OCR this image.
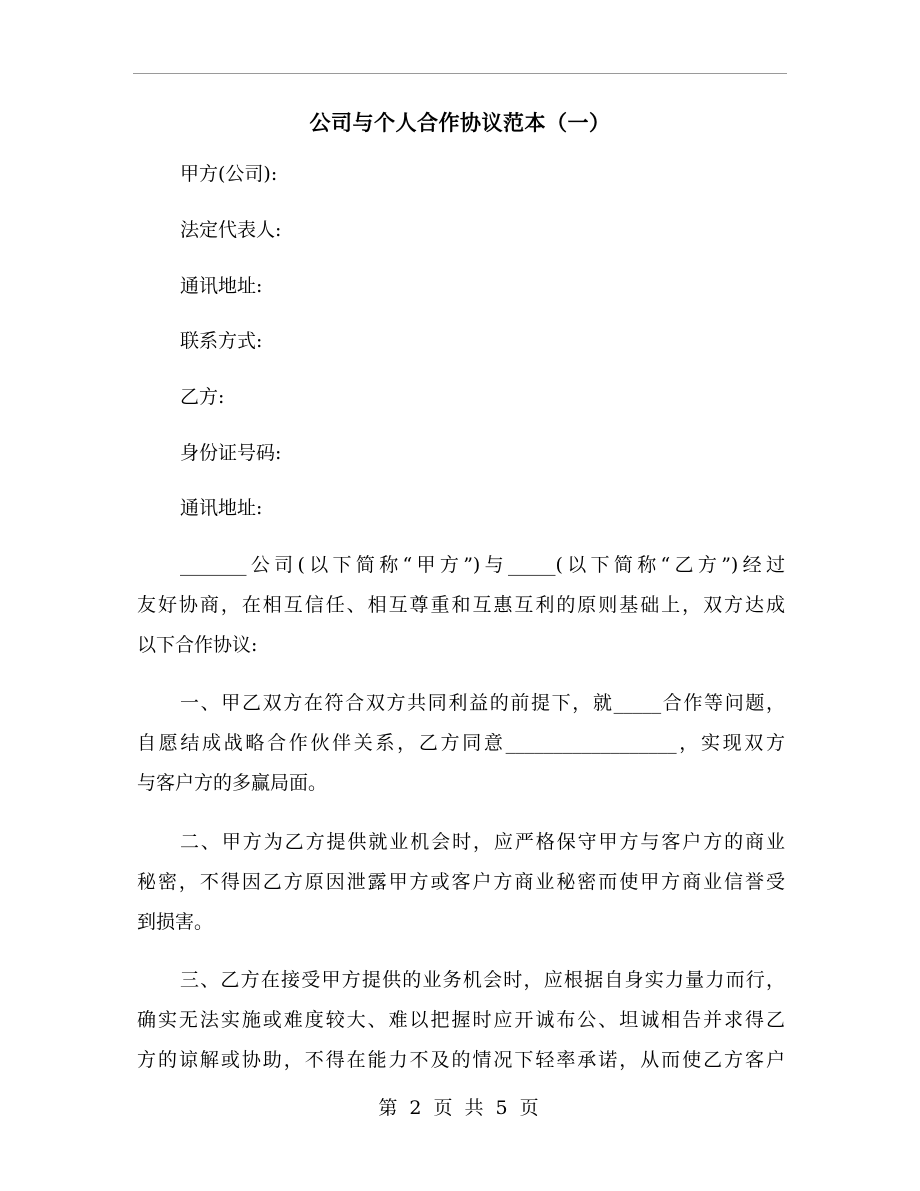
公司与个人合作协议范本（一）
甲方(公司):
法定代表人:
通讯地址:
联系方式:
乙方:
身份证号码:
通讯地址:
_______公司(以下简称“甲方”)与_____(以下简称“乙方”)经过
友好协商，在相互信任、相互尊重和互惠互利的原则基础上，双方达成
以下合作协议:
一、甲乙双方在符合双方共同利益的前提下，就_____合作等问题，
自愿结成战略合作伙伴关系，乙方同意__________________，实现双方
与客户方的多赢局面。
二、甲方为乙方提供就业机会时，应严格保守甲方与客户方的商业
秘密，不得因乙方原因泄露甲方或客户方商业秘密而使甲方商业信誉受
到损害。
三、乙方在接受甲方提供的业务机会时，应根据自身实力量力而行，
确实无法实施或难度较大、难以把握时应开诚布公、坦诚相告并求得乙
方的谅解或协助，不得在能力不及的情况下轻率承诺，从而使乙方客户
第 2 页 共 5 页
